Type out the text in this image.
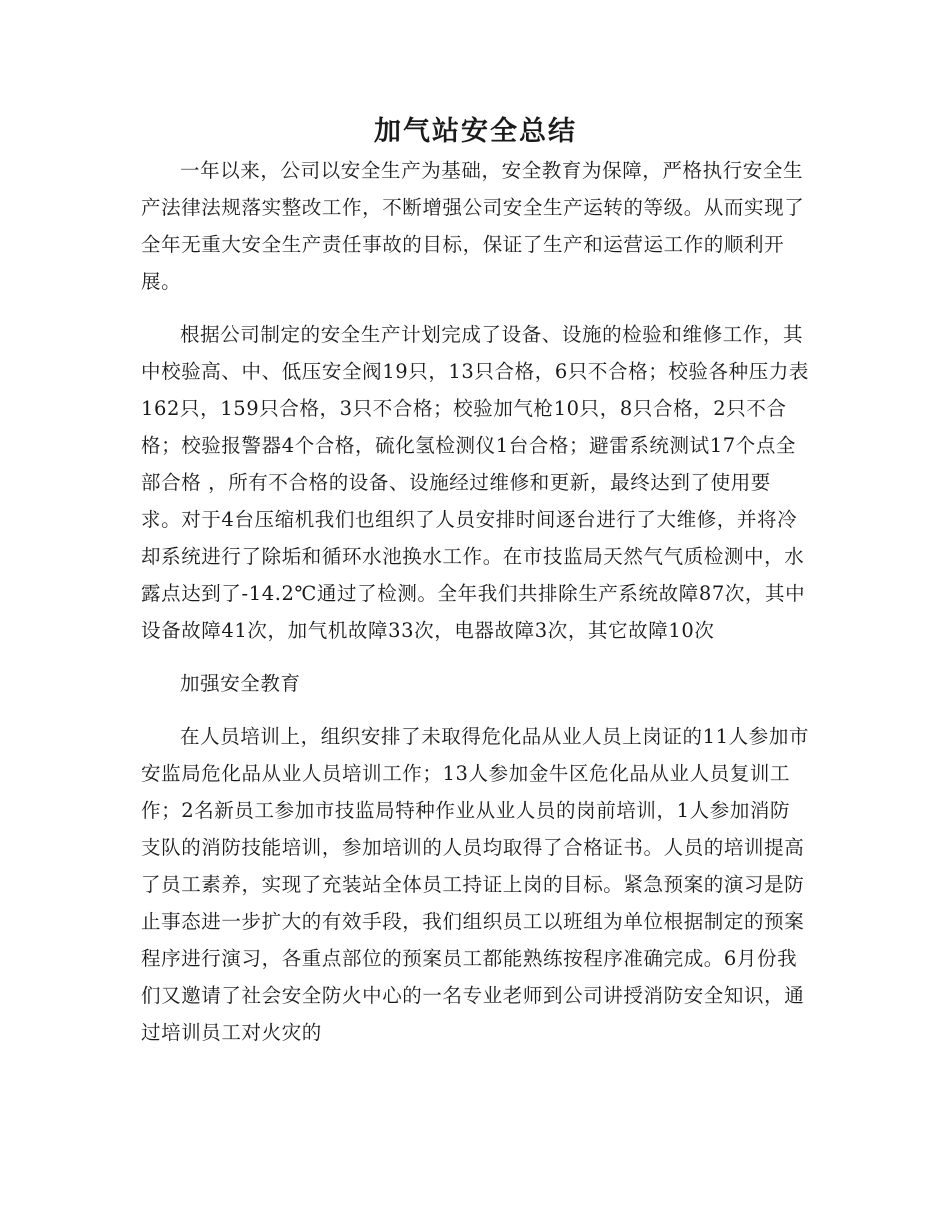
加气站安全总结

一年以来，公司以安全生产为基础，安全教育为保障，严格执行安全生产法律法规落实整改工作，不断增强公司安全生产运转的等级。从而实现了全年无重大安全生产责任事故的目标，保证了生产和运营运工作的顺利开展。

根据公司制定的安全生产计划完成了设备、设施的检验和维修工作，其中校验高、中、低压安全阀19只，13只合格，6只不合格；校验各种压力表162只，159只合格，3只不合格；校验加气枪10只，8只合格，2只不合格；校验报警器4个合格，硫化氢检测仪1台合格；避雷系统测试17个点全部合格 ，所有不合格的设备、设施经过维修和更新，最终达到了使用要求。对于4台压缩机我们也组织了人员安排时间逐台进行了大维修，并将冷却系统进行了除垢和循环水池换水工作。在市技监局天然气气质检测中，水露点达到了-14.2℃通过了检测。全年我们共排除生产系统故障87次，其中设备故障41次，加气机故障33次，电器故障3次，其它故障10次

加强安全教育

在人员培训上，组织安排了未取得危化品从业人员上岗证的11人参加市安监局危化品从业人员培训工作；13人参加金牛区危化品从业人员复训工作；2名新员工参加市技监局特种作业从业人员的岗前培训，1人参加消防支队的消防技能培训，参加培训的人员均取得了合格证书。人员的培训提高了员工素养，实现了充装站全体员工持证上岗的目标。紧急预案的演习是防止事态进一步扩大的有效手段，我们组织员工以班组为单位根据制定的预案程序进行演习，各重点部位的预案员工都能熟练按程序准确完成。6月份我们又邀请了社会安全防火中心的一名专业老师到公司讲授消防安全知识，通过培训员工对火灾的
